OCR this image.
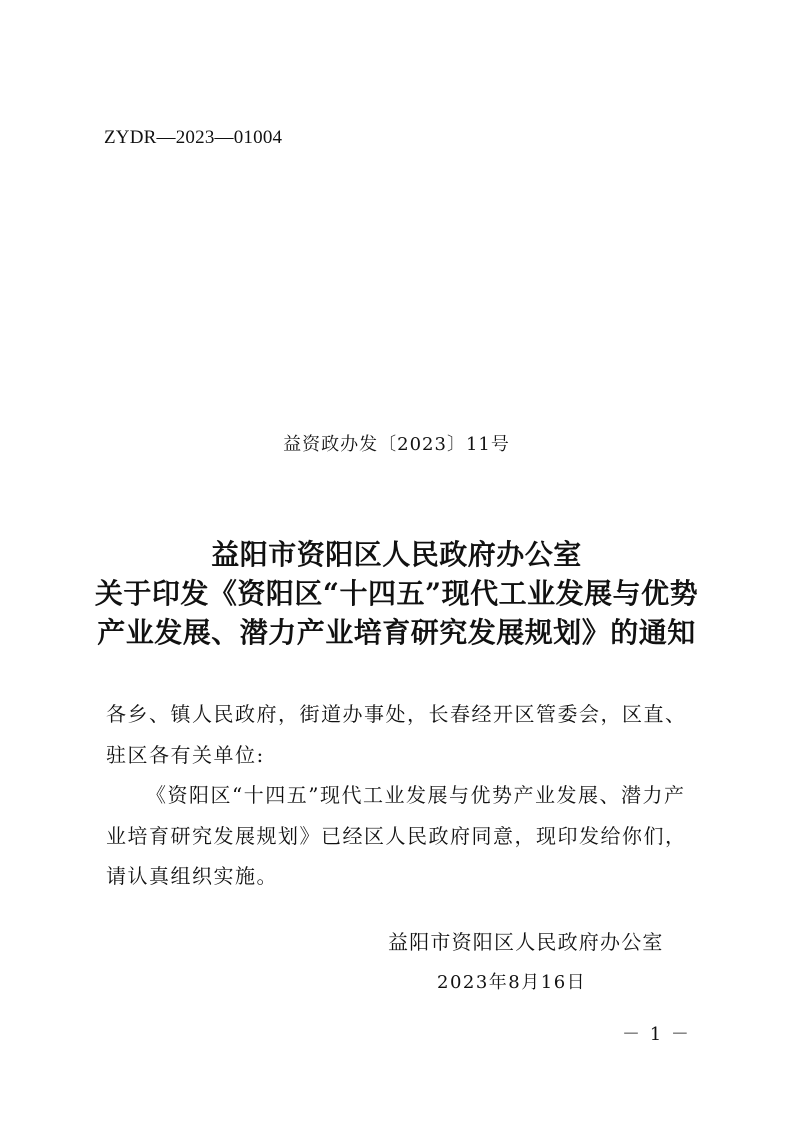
ZYDR—2023—01004
益资政办发〔2023〕11号
益阳市资阳区人民政府办公室
关于印发《资阳区“十四五”现代工业发展与优势
产业发展、潜力产业培育研究发展规划》的通知

各乡、镇人民政府，街道办事处，长春经开区管委会，区直、驻区各有关单位:

《资阳区“十四五”现代工业发展与优势产业发展、潜力产业培育研究发展规划》已经区人民政府同意，现印发给你们，请认真组织实施。

益阳市资阳区人民政府办公室
2023年8月16日
－ 1 －
